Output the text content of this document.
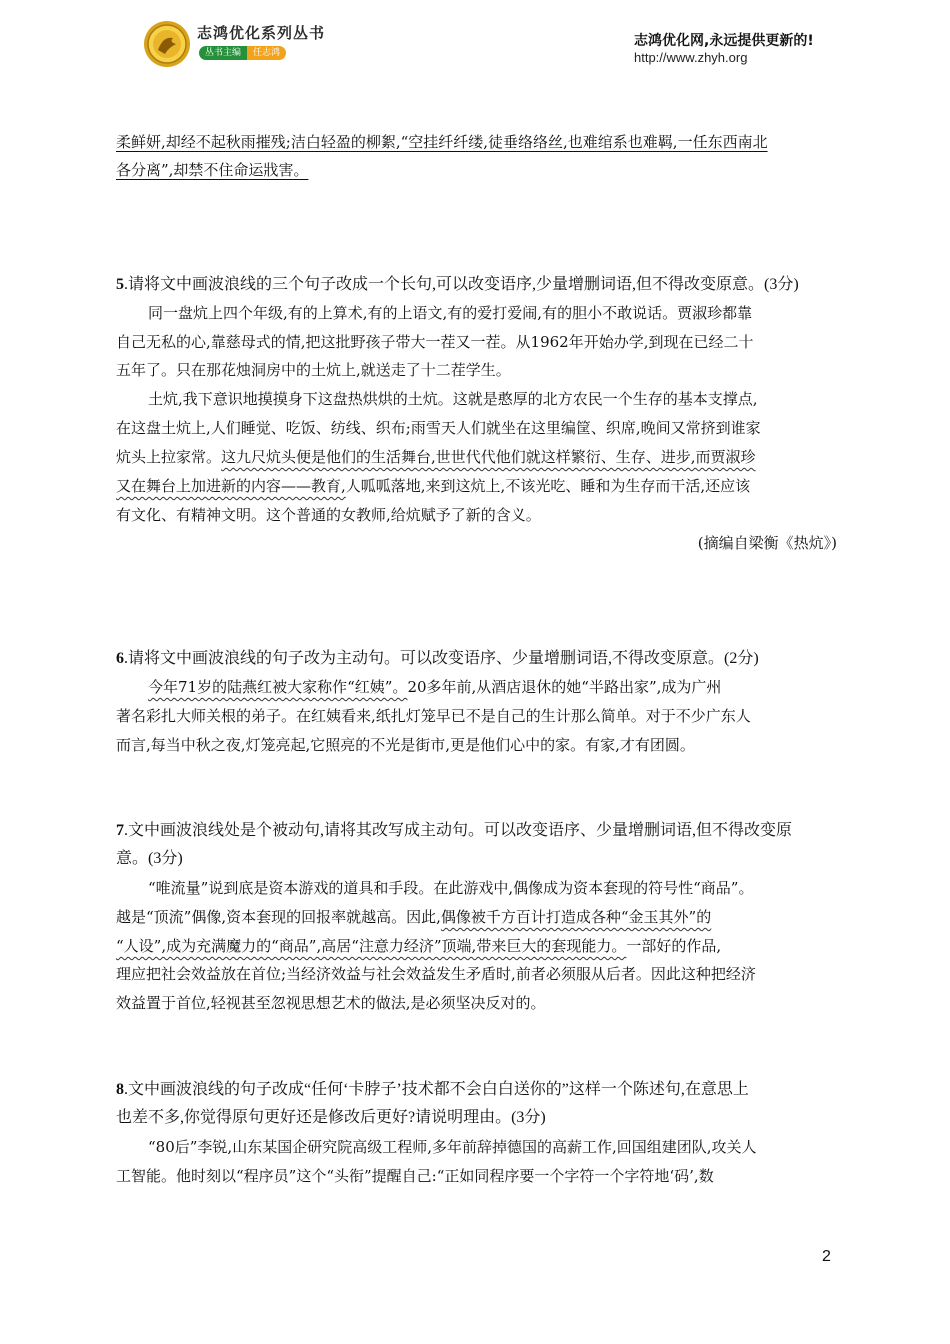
志鸿优化系列丛书
丛书主编	任志鸿
志鸿优化网,永远提供更新的!
http://www.zhyh.org
柔鲜妍,却经不起秋雨摧残;洁白轻盈的柳絮,“空挂纤纤缕,徒垂络络丝,也难绾系也难羁,一任东西南北
各分离”,却禁不住命运戕害。
5.请将文中画波浪线的三个句子改成一个长句,可以改变语序,少量增删词语,但不得改变原意。(3分)
同一盘炕上四个年级,有的上算术,有的上语文,有的爱打爱闹,有的胆小不敢说话。贾淑珍都靠
自己无私的心,靠慈母式的情,把这批野孩子带大一茬又一茬。从1962年开始办学,到现在已经二十
五年了。只在那花烛洞房中的土炕上,就送走了十二茬学生。
土炕,我下意识地摸摸身下这盘热烘烘的土炕。这就是憨厚的北方农民一个生存的基本支撑点,
在这盘土炕上,人们睡觉、吃饭、纺线、织布;雨雪天人们就坐在这里编筐、织席,晚间又常挤到谁家
炕头上拉家常。这九尺炕头便是他们的生活舞台,世世代代他们就这样繁衍、生存、进步,而贾淑珍
又在舞台上加进新的内容——教育,人呱呱落地,来到这炕上,不该光吃、睡和为生存而干活,还应该
有文化、有精神文明。这个普通的女教师,给炕赋予了新的含义。
(摘编自梁衡《热炕》)
6.请将文中画波浪线的句子改为主动句。可以改变语序、少量增删词语,不得改变原意。(2分)
今年71岁的陆燕红被大家称作“红姨”。20多年前,从酒店退休的她“半路出家”,成为广州
著名彩扎大师关根的弟子。在红姨看来,纸扎灯笼早已不是自己的生计那么简单。对于不少广东人
而言,每当中秋之夜,灯笼亮起,它照亮的不光是街市,更是他们心中的家。有家,才有团圆。
7.文中画波浪线处是个被动句,请将其改写成主动句。可以改变语序、少量增删词语,但不得改变原
意。(3分)
“唯流量”说到底是资本游戏的道具和手段。在此游戏中,偶像成为资本套现的符号性“商品”。
越是“顶流”偶像,资本套现的回报率就越高。因此,偶像被千方百计打造成各种“金玉其外”的
“人设”,成为充满魔力的“商品”,高居“注意力经济”顶端,带来巨大的套现能力。一部好的作品,
理应把社会效益放在首位;当经济效益与社会效益发生矛盾时,前者必须服从后者。因此这种把经济
效益置于首位,轻视甚至忽视思想艺术的做法,是必须坚决反对的。
8.文中画波浪线的句子改成“任何‘卡脖子’技术都不会白白送你的”这样一个陈述句,在意思上
也差不多,你觉得原句更好还是修改后更好?请说明理由。(3分)
“80后”李锐,山东某国企研究院高级工程师,多年前辞掉德国的高薪工作,回国组建团队,攻关人
工智能。他时刻以“程序员”这个“头衔”提醒自己:“正如同程序要一个字符一个字符地‘码’,数
2
